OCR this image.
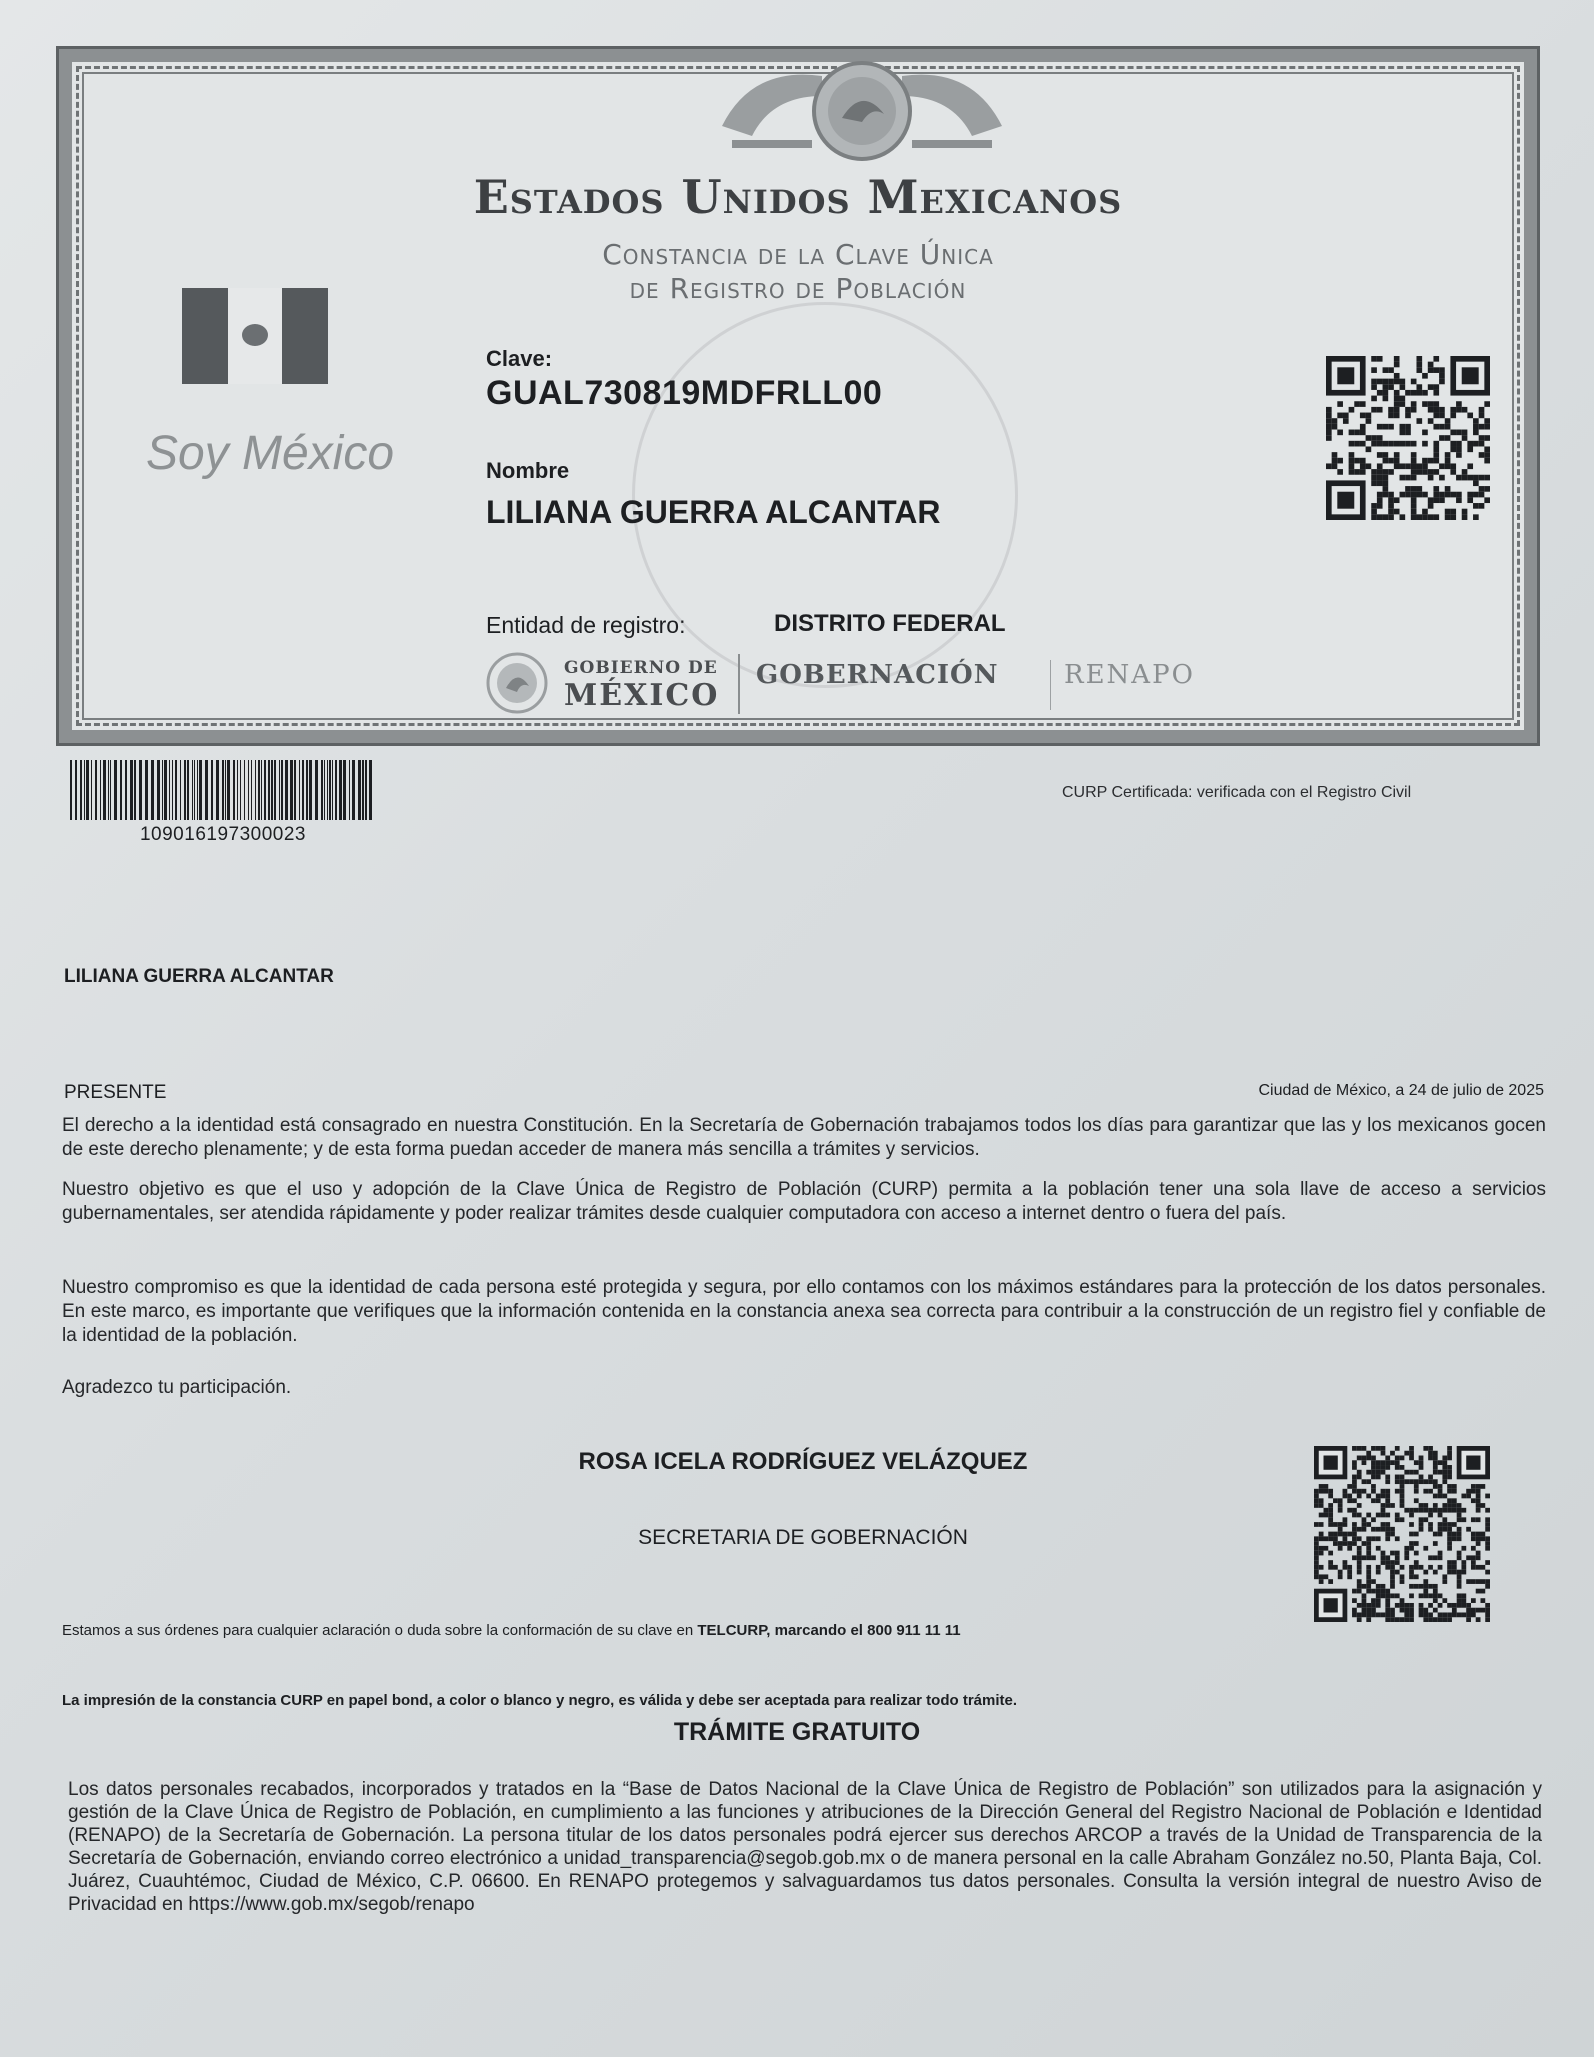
Estados Unidos Mexicanos
Constancia de la Clave Única
de Registro de Población
Soy México
Clave:
GUAL730819MDFRLL00
Nombre
LILIANA GUERRA ALCANTAR
Entidad de registro:	DISTRITO FEDERAL
GOBIERNO DE
MÉXICO
GOBERNACIÓN	RENAPO
109016197300023
CURP Certificada: verificada con el Registro Civil
LILIANA GUERRA ALCANTAR
PRESENTE	Ciudad de México, a 24 de julio de 2025
El derecho a la identidad está consagrado en nuestra Constitución. En la Secretaría de Gobernación trabajamos todos los días para garantizar que las y los mexicanos gocen de este derecho plenamente; y de esta forma puedan acceder de manera más sencilla a trámites y servicios.
Nuestro objetivo es que el uso y adopción de la Clave Única de Registro de Población (CURP) permita a la población tener una sola llave de acceso a servicios gubernamentales, ser atendida rápidamente y poder realizar trámites desde cualquier computadora con acceso a internet dentro o fuera del país.
Nuestro compromiso es que la identidad de cada persona esté protegida y segura, por ello contamos con los máximos estándares para la protección de los datos personales. En este marco, es importante que verifiques que la información contenida en la constancia anexa sea correcta para contribuir a la construcción de un registro fiel y confiable de la identidad de la población.
Agradezco tu participación.
ROSA ICELA RODRÍGUEZ VELÁZQUEZ
SECRETARIA DE GOBERNACIÓN
Estamos a sus órdenes para cualquier aclaración o duda sobre la conformación de su clave en TELCURP, marcando el 800 911 11 11
La impresión de la constancia CURP en papel bond, a color o blanco y negro, es válida y debe ser aceptada para realizar todo trámite.
TRÁMITE GRATUITO
Los datos personales recabados, incorporados y tratados en la “Base de Datos Nacional de la Clave Única de Registro de Población” son utilizados para la asignación y gestión de la Clave Única de Registro de Población, en cumplimiento a las funciones y atribuciones de la Dirección General del Registro Nacional de Población e Identidad (RENAPO) de la Secretaría de Gobernación. La persona titular de los datos personales podrá ejercer sus derechos ARCOP a través de la Unidad de Transparencia de la Secretaría de Gobernación, enviando correo electrónico a unidad_transparencia@segob.gob.mx o de manera personal en la calle Abraham González no.50, Planta Baja, Col. Juárez, Cuauhtémoc, Ciudad de México, C.P. 06600. En RENAPO protegemos y salvaguardamos tus datos personales. Consulta la versión integral de nuestro Aviso de Privacidad en https://www.gob.mx/segob/renapo
